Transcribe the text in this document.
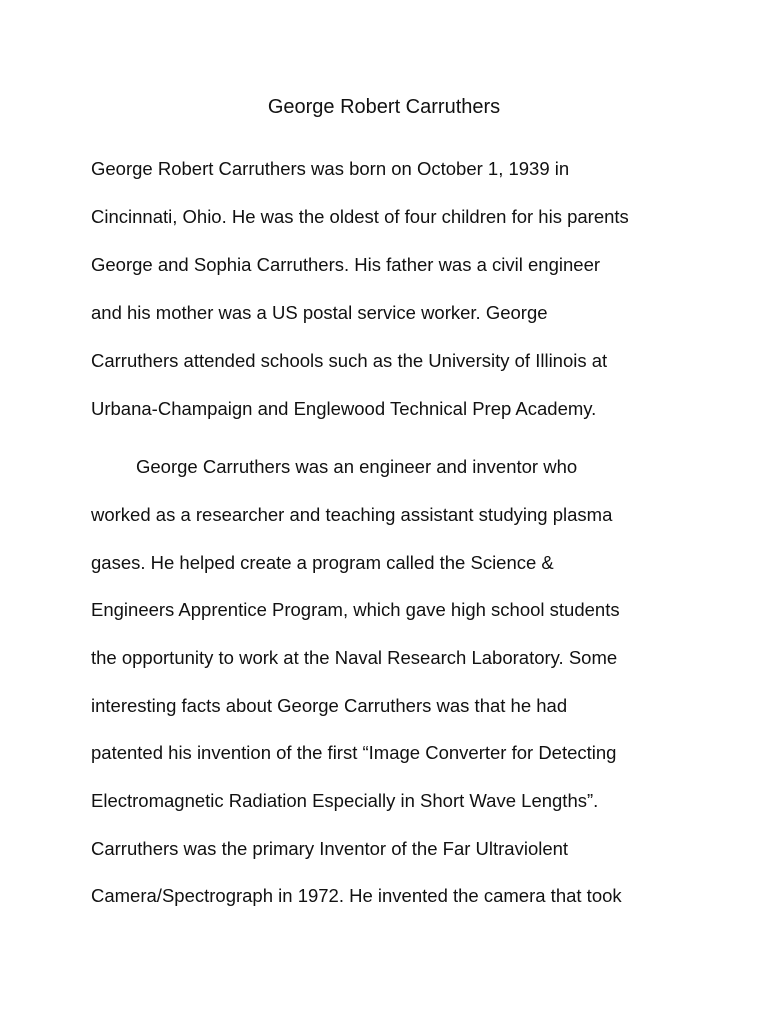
George Robert Carruthers

George Robert Carruthers was born on October 1, 1939 in

Cincinnati, Ohio. He was the oldest of four children for his parents

George and Sophia Carruthers. His father was a civil engineer

and his mother was a US postal service worker. George

Carruthers attended schools such as the University of Illinois at

Urbana-Champaign and Englewood Technical Prep Academy.

George Carruthers was an engineer and inventor who

worked as a researcher and teaching assistant studying plasma

gases. He helped create a program called the Science &

Engineers Apprentice Program, which gave high school students

the opportunity to work at the Naval Research Laboratory. Some

interesting facts about George Carruthers was that he had

patented his invention of the first “Image Converter for Detecting

Electromagnetic Radiation Especially in Short Wave Lengths”.

Carruthers was the primary Inventor of the Far Ultraviolent

Camera/Spectrograph in 1972. He invented the camera that took
